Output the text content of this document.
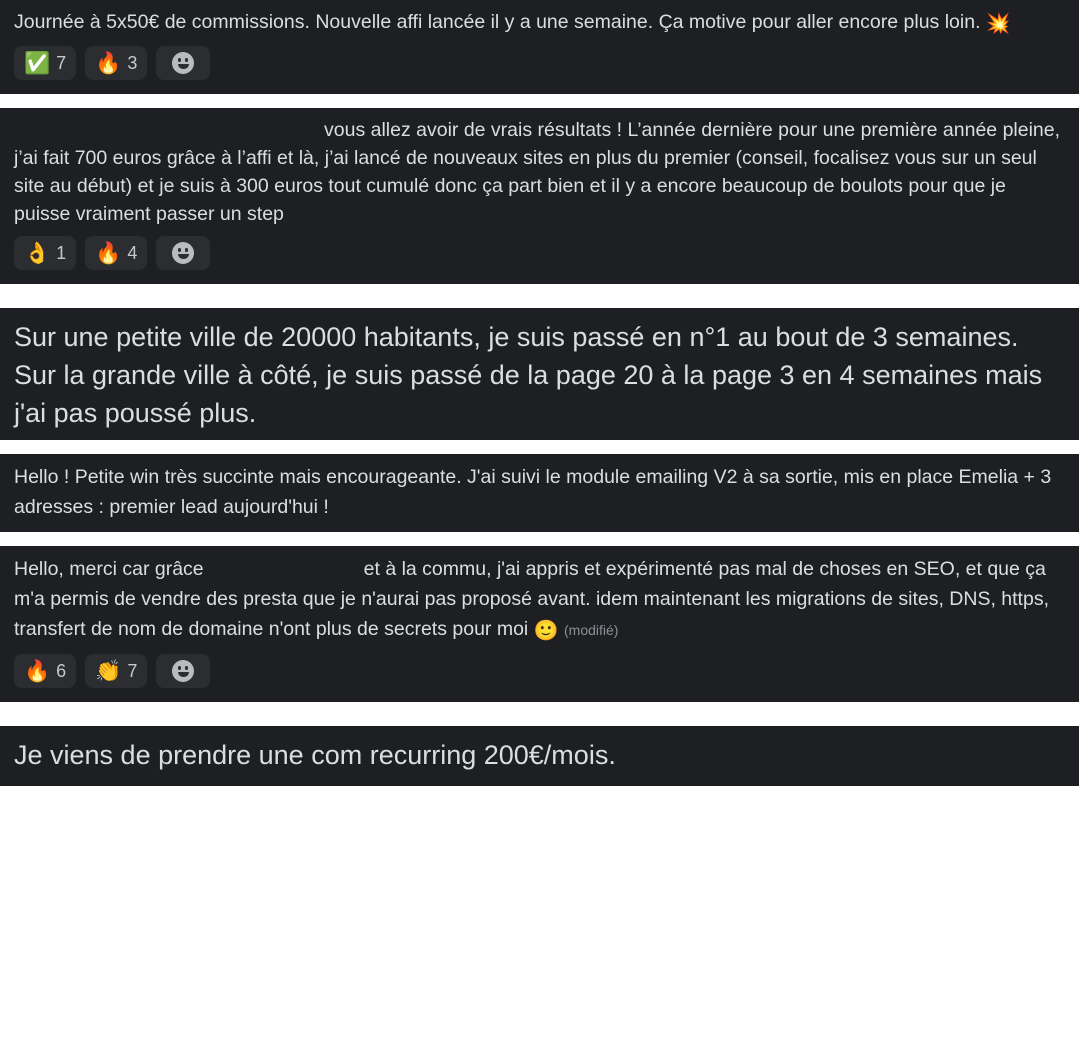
Journée à 5x50€ de commissions. Nouvelle affi lancée il y a une semaine. Ça motive pour aller encore plus loin. 💥
✅ 7 🔥 3
vous allez avoir de vrais résultats ! L’année dernière pour une première année pleine, j’ai fait 700 euros grâce à l’affi et là, j’ai lancé de nouveaux sites en plus du premier (conseil, focalisez vous sur un seul site au début) et je suis à 300 euros tout cumulé donc ça part bien et il y a encore beaucoup de boulots pour que je puisse vraiment passer un step
👌 1 🔥 4
Sur une petite ville de 20000 habitants, je suis passé en n°1 au bout de 3 semaines. Sur la grande ville à côté, je suis passé de la page 20 à la page 3 en 4 semaines mais j'ai pas poussé plus.
Hello ! Petite win très succinte mais encourageante. J'ai suivi le module emailing V2 à sa sortie, mis en place Emelia + 3 adresses : premier lead aujourd'hui !
Hello, merci car grâce	et à la commu, j'ai appris et expérimenté pas mal de choses en SEO, et que ça m'a permis de vendre des presta que je n'aurai pas proposé avant. idem maintenant les migrations de sites, DNS, https, transfert de nom de domaine n'ont plus de secrets pour moi 🙂 (modifié)
🔥 6 👏 7
Je viens de prendre une com recurring 200€/mois.
